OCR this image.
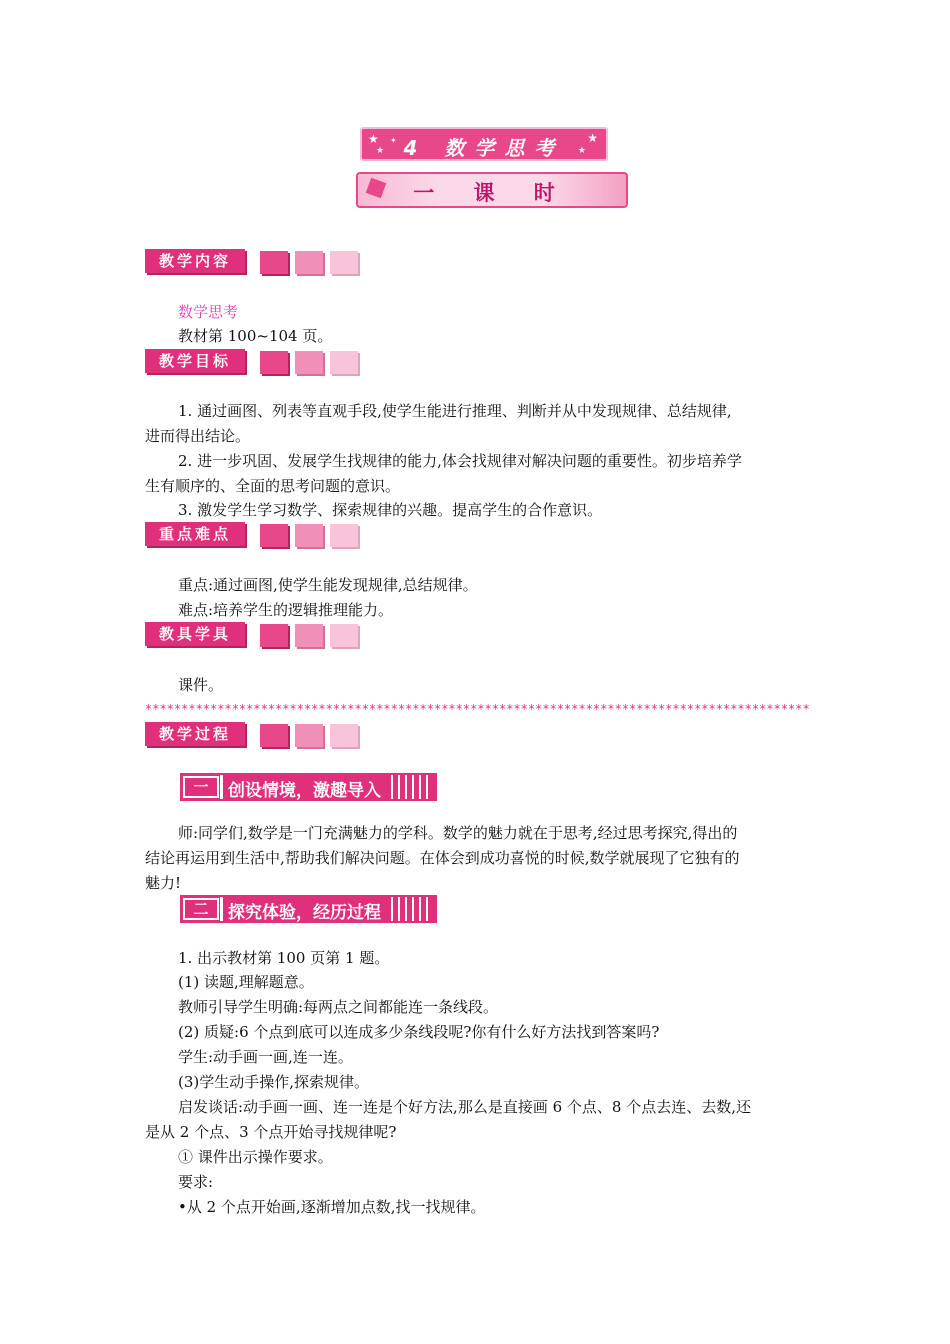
★
★
✦ 4 数学思考	★
★
一 课 时
教学内容
数学思考
教材第 100~104 页。
教学目标
1. 通过画图、列表等直观手段,使学生能进行推理、判断并从中发现规律、总结规律,
进而得出结论。
2. 进一步巩固、发展学生找规律的能力,体会找规律对解决问题的重要性。初步培养学
生有顺序的、全面的思考问题的意识。
3. 激发学生学习数学、探索规律的兴趣。提高学生的合作意识。
重点难点
重点:通过画图,使学生能发现规律,总结规律。
难点:培养学生的逻辑推理能力。
教具学具
课件。
********************************************************************************************
教学过程
一	创设情境，激趣导入
师:同学们,数学是一门充满魅力的学科。数学的魅力就在于思考,经过思考探究,得出的
结论再运用到生活中,帮助我们解决问题。在体会到成功喜悦的时候,数学就展现了它独有的
魅力!
二	探究体验，经历过程
1. 出示教材第 100 页第 1 题。
(1) 读题,理解题意。
教师引导学生明确:每两点之间都能连一条线段。
(2) 质疑:6 个点到底可以连成多少条线段呢?你有什么好方法找到答案吗?
学生:动手画一画,连一连。
(3)学生动手操作,探索规律。
启发谈话:动手画一画、连一连是个好方法,那么是直接画 6 个点、8 个点去连、去数,还
是从 2 个点、3 个点开始寻找规律呢?
① 课件出示操作要求。
要求:
•从 2 个点开始画,逐渐增加点数,找一找规律。
